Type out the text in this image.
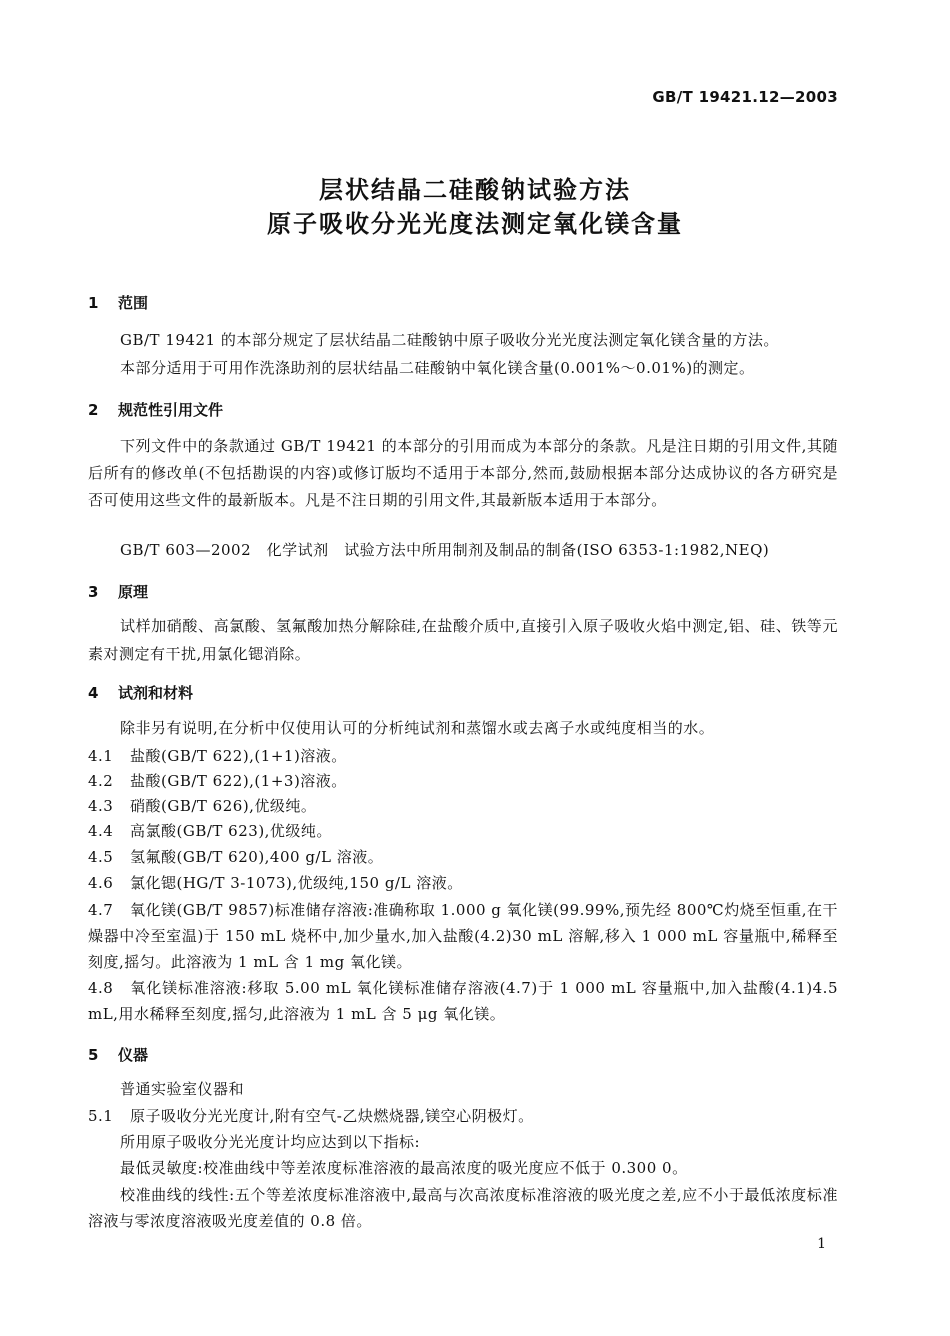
GB/T 19421.12—2003
层状结晶二硅酸钠试验方法
原子吸收分光光度法测定氧化镁含量
1 范围
GB/T 19421 的本部分规定了层状结晶二硅酸钠中原子吸收分光光度法测定氧化镁含量的方法。
本部分适用于可用作洗涤助剂的层状结晶二硅酸钠中氧化镁含量(0.001%～0.01%)的测定。
2 规范性引用文件
下列文件中的条款通过 GB/T 19421 的本部分的引用而成为本部分的条款。凡是注日期的引用文件,其随后所有的修改单(不包括勘误的内容)或修订版均不适用于本部分,然而,鼓励根据本部分达成协议的各方研究是否可使用这些文件的最新版本。凡是不注日期的引用文件,其最新版本适用于本部分。
GB/T 603—2002　化学试剂　试验方法中所用制剂及制品的制备(ISO 6353-1:1982,NEQ)
3 原理
试样加硝酸、高氯酸、氢氟酸加热分解除硅,在盐酸介质中,直接引入原子吸收火焰中测定,铝、硅、铁等元素对测定有干扰,用氯化锶消除。
4 试剂和材料
除非另有说明,在分析中仅使用认可的分析纯试剂和蒸馏水或去离子水或纯度相当的水。
4.1 盐酸(GB/T 622),(1+1)溶液。
4.2 盐酸(GB/T 622),(1+3)溶液。
4.3 硝酸(GB/T 626),优级纯。
4.4 高氯酸(GB/T 623),优级纯。
4.5 氢氟酸(GB/T 620),400 g/L 溶液。
4.6 氯化锶(HG/T 3-1073),优级纯,150 g/L 溶液。
4.7 氧化镁(GB/T 9857)标准储存溶液:准确称取 1.000 g 氧化镁(99.99%,预先经 800℃灼烧至恒重,在干燥器中冷至室温)于 150 mL 烧杯中,加少量水,加入盐酸(4.2)30 mL 溶解,移入 1 000 mL 容量瓶中,稀释至刻度,摇匀。此溶液为 1 mL 含 1 mg 氧化镁。
4.8 氧化镁标准溶液:移取 5.00 mL 氧化镁标准储存溶液(4.7)于 1 000 mL 容量瓶中,加入盐酸(4.1)4.5 mL,用水稀释至刻度,摇匀,此溶液为 1 mL 含 5 μg 氧化镁。
5 仪器
普通实验室仪器和
5.1 原子吸收分光光度计,附有空气-乙炔燃烧器,镁空心阴极灯。
所用原子吸收分光光度计均应达到以下指标:
最低灵敏度:校准曲线中等差浓度标准溶液的最高浓度的吸光度应不低于 0.300 0。
校准曲线的线性:五个等差浓度标准溶液中,最高与次高浓度标准溶液的吸光度之差,应不小于最低浓度标准溶液与零浓度溶液吸光度差值的 0.8 倍。
1
